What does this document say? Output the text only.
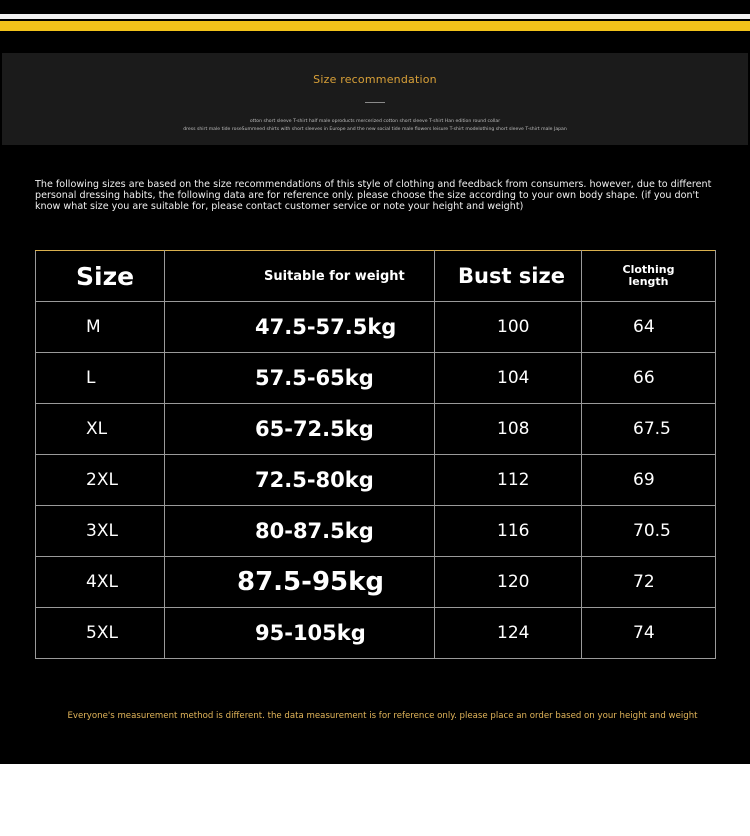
Size recommendation
otton short sleeve T-shirt half male oproducts mercerized cotton short sleeve T-shirt Han edition round collar
dress shirt male tide roseSummeed shirts with short sleeves in Europe and the new social tide male flowers leisure T-shirt modelothing short sleeve T-shirt male Japan
The following sizes are based on the size recommendations of this style of clothing and feedback from consumers. however, due to different personal dressing habits, the following data are for reference only. please choose the size according to your own body shape. (if you don't know what size you are suitable for, please contact customer service or note your height and weight)
Size	Suitable for weight	Bust size	Clothing
length

M	47.5-57.5kg	100	64
L	57.5-65kg	104	66
XL	65-72.5kg	108	67.5
2XL	72.5-80kg	112	69
3XL	80-87.5kg	116	70.5
4XL	87.5-95kg	120	72
5XL	95-105kg	124	74
Everyone's measurement method is different. the data measurement is for reference only. please place an order based on your height and weight
